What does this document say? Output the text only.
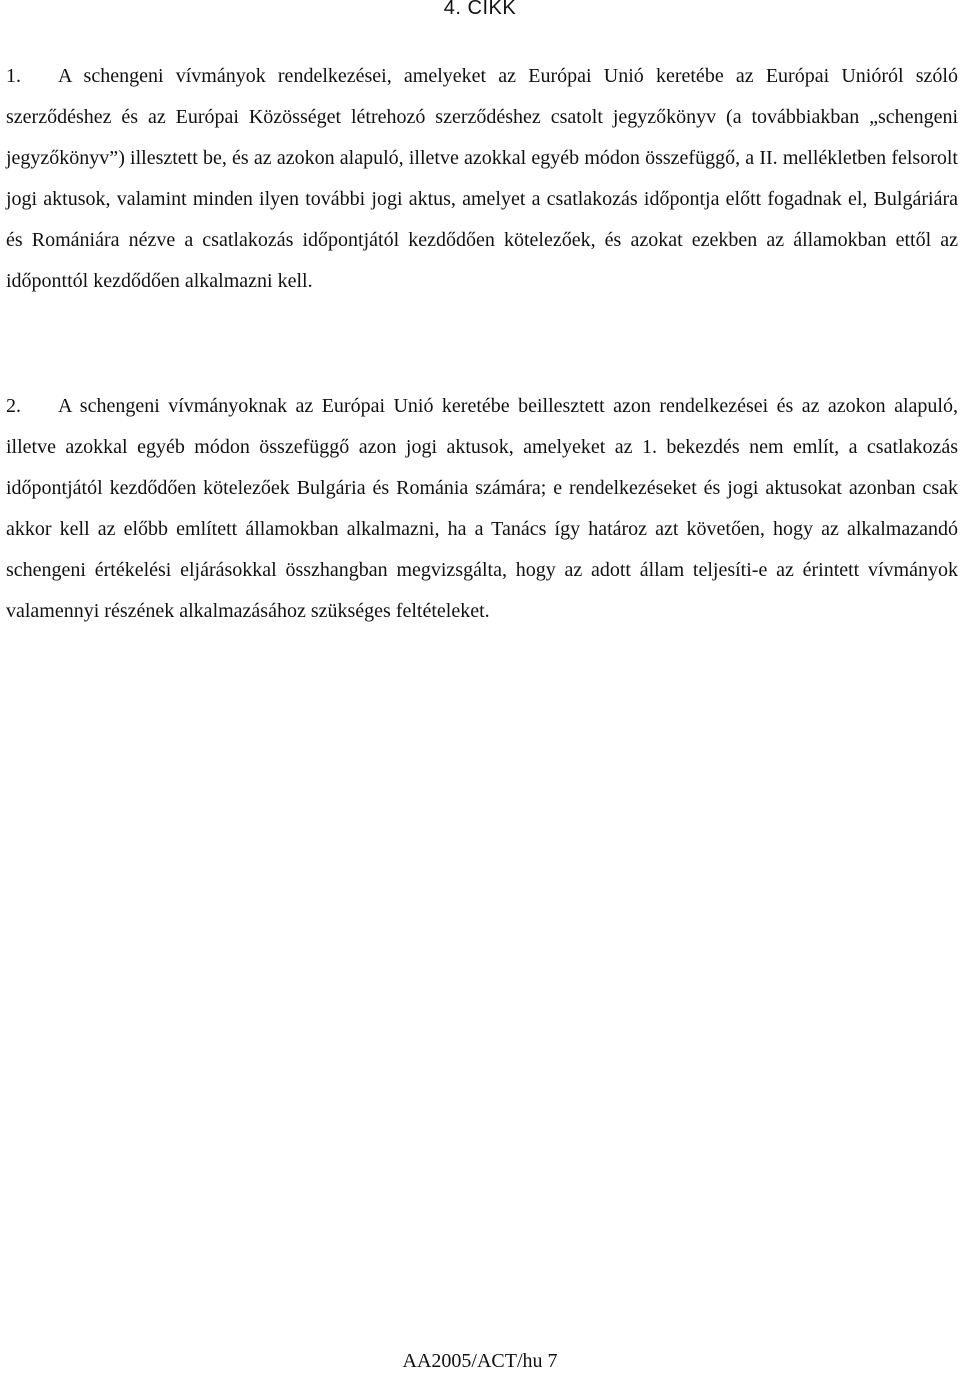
4. CIKK

1. A schengeni vívmányok rendelkezései, amelyeket az Európai Unió keretébe az Európai Unióról szóló szerződéshez és az Európai Közösséget létrehozó szerződéshez csatolt jegyzőkönyv (a továbbiakban „schengeni jegyzőkönyv”) illesztett be, és az azokon alapuló, illetve azokkal egyéb módon összefüggő, a II. mellékletben felsorolt jogi aktusok, valamint minden ilyen további jogi aktus, amelyet a csatlakozás időpontja előtt fogadnak el, Bulgáriára és Romániára nézve a csatlakozás időpontjától kezdődően kötelezőek, és azokat ezekben az államokban ettől az időponttól kezdődően alkalmazni kell.

2. A schengeni vívmányoknak az Európai Unió keretébe beillesztett azon rendelkezései és az azokon alapuló, illetve azokkal egyéb módon összefüggő azon jogi aktusok, amelyeket az 1. bekezdés nem említ, a csatlakozás időpontjától kezdődően kötelezőek Bulgária és Románia számára; e rendelkezéseket és jogi aktusokat azonban csak akkor kell az előbb említett államokban alkalmazni, ha a Tanács így határoz azt követően, hogy az alkalmazandó schengeni értékelési eljárásokkal összhangban megvizsgálta, hogy az adott állam teljesíti-e az érintett vívmányok valamennyi részének alkalmazásához szükséges feltételeket.

AA2005/ACT/hu 7
